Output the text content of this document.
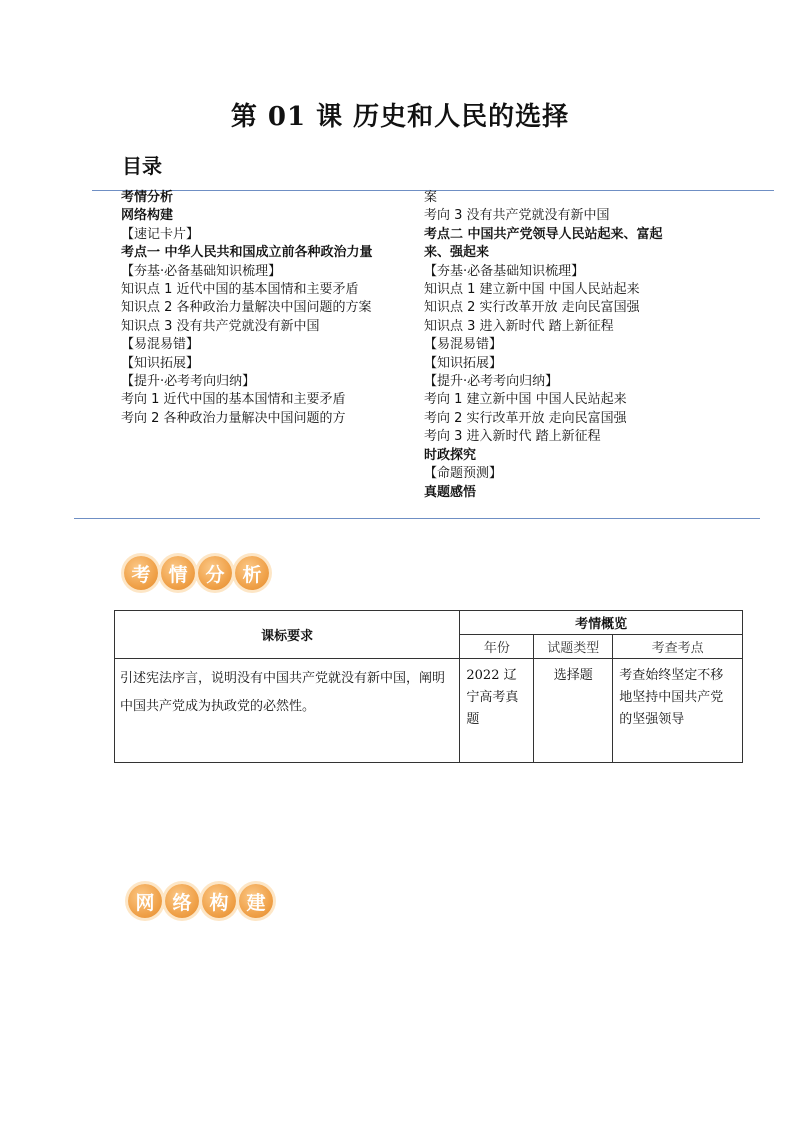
第 01 课 历史和人民的选择
目录
考情分析
网络构建
【速记卡片】
考点一 中华人民共和国成立前各种政治力量
【夯基·必备基础知识梳理】
知识点 1 近代中国的基本国情和主要矛盾
知识点 2 各种政治力量解决中国问题的方案
知识点 3 没有共产党就没有新中国
【易混易错】
【知识拓展】
【提升·必考考向归纳】
考向 1 近代中国的基本国情和主要矛盾
考向 2 各种政治力量解决中国问题的方
案
考向 3 没有共产党就没有新中国
考点二 中国共产党领导人民站起来、富起来、强起来
【夯基·必备基础知识梳理】
知识点 1 建立新中国 中国人民站起来
知识点 2 实行改革开放 走向民富国强
知识点 3 进入新时代 踏上新征程
【易混易错】
【知识拓展】
【提升·必考考向归纳】
考向 1 建立新中国 中国人民站起来
考向 2 实行改革开放 走向民富国强
考向 3 进入新时代 踏上新征程
时政探究
【命题预测】
真题感悟
考 情 分 析
课标要求	考情概览		
	年份	试题类型	考查考点
引述宪法序言，说明没有中国共产党就没有新中国，阐明中国共产党成为执政党的必然性。	2022 辽宁高考真题	选择题	考查始终坚定不移地坚持中国共产党的坚强领导
网 络 构 建
